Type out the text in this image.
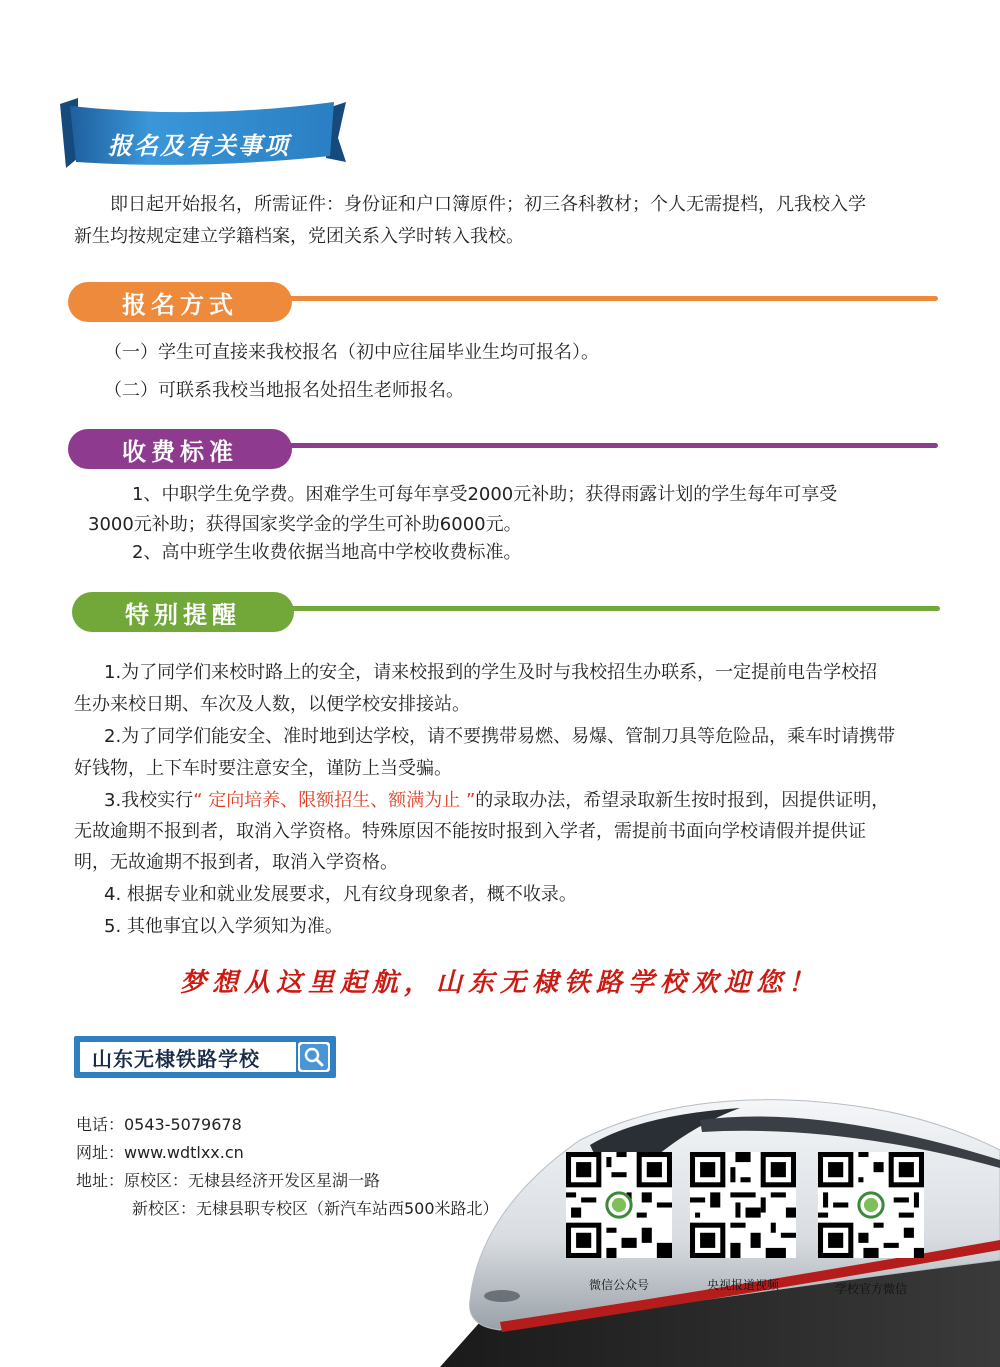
报名及有关事项
即日起开始报名，所需证件：身份证和户口簿原件；初三各科教材；个人无需提档，凡我校入学
新生均按规定建立学籍档案，党团关系入学时转入我校。
报名方式
（一）学生可直接来我校报名（初中应往届毕业生均可报名）。
（二）可联系我校当地报名处招生老师报名。
收费标准
1、中职学生免学费。困难学生可每年享受2000元补助；获得雨露计划的学生每年可享受
3000元补助；获得国家奖学金的学生可补助6000元。
2、高中班学生收费依据当地高中学校收费标准。
特别提醒
1.为了同学们来校时路上的安全，请来校报到的学生及时与我校招生办联系，一定提前电告学校招
生办来校日期、车次及人数，以便学校安排接站。
2.为了同学们能安全、准时地到达学校，请不要携带易燃、易爆、管制刀具等危险品，乘车时请携带
好钱物，上下车时要注意安全，谨防上当受骗。
3.我校实行“ 定向培养、限额招生、额满为止 ”的录取办法，希望录取新生按时报到，因提供证明，
无故逾期不报到者，取消入学资格。特殊原因不能按时报到入学者，需提前书面向学校请假并提供证
明，无故逾期不报到者，取消入学资格。
4. 根据专业和就业发展要求，凡有纹身现象者，概不收录。
5. 其他事宜以入学须知为准。
梦想从这里起航，山东无棣铁路学校欢迎您！
山东无棣铁路学校
电话：0543-5079678
网址：www.wdtlxx.cn
地址：原校区：无棣县经济开发区星湖一路
新校区：无棣县职专校区（新汽车站西500米路北）
微信公众号	央视报道视频	学校官方微信
